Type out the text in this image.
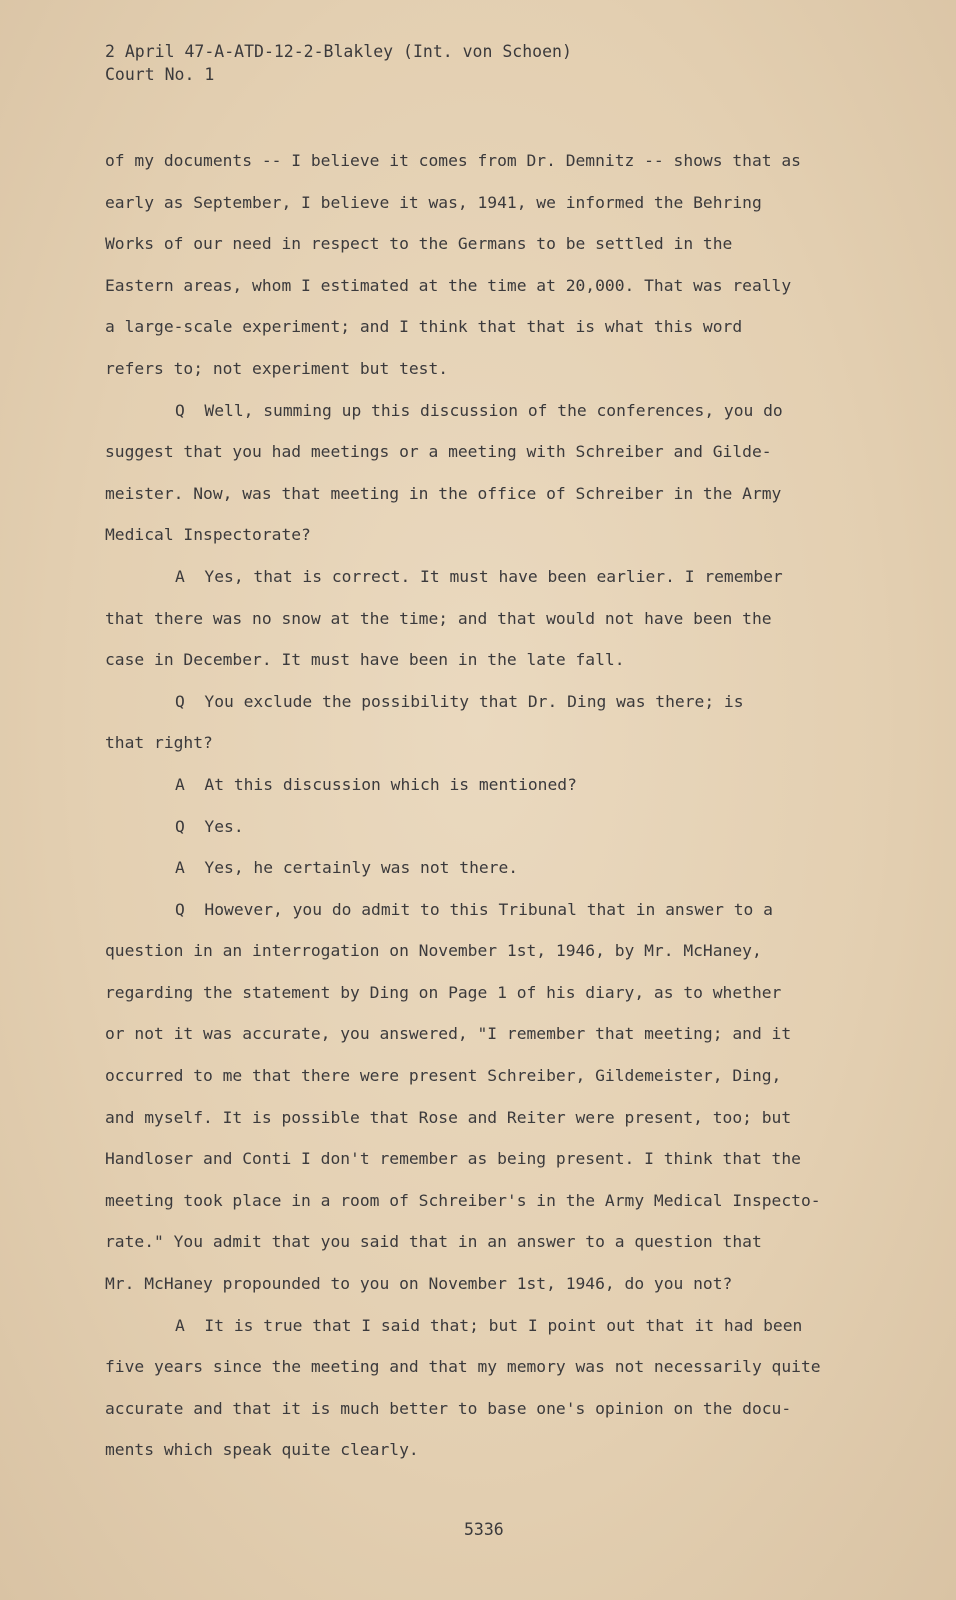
2 April 47-A-ATD-12-2-Blakley (Int. von Schoen)
Court No. 1
of my documents -- I believe it comes from Dr. Demnitz -- shows that as
early as September, I believe it was, 1941, we informed the Behring
Works of our need in respect to the Germans to be settled in the
Eastern areas, whom I estimated at the time at 20,000. That was really
a large-scale experiment; and I think that that is what this word
refers to; not experiment but test.
Q  Well, summing up this discussion of the conferences, you do
suggest that you had meetings or a meeting with Schreiber and Gilde-
meister. Now, was that meeting in the office of Schreiber in the Army
Medical Inspectorate?
A  Yes, that is correct. It must have been earlier. I remember
that there was no snow at the time; and that would not have been the
case in December. It must have been in the late fall.
Q  You exclude the possibility that Dr. Ding was there; is
that right?
A  At this discussion which is mentioned?
Q  Yes.
A  Yes, he certainly was not there.
Q  However, you do admit to this Tribunal that in answer to a
question in an interrogation on November 1st, 1946, by Mr. McHaney,
regarding the statement by Ding on Page 1 of his diary, as to whether
or not it was accurate, you answered, "I remember that meeting; and it
occurred to me that there were present Schreiber, Gildemeister, Ding,
and myself. It is possible that Rose and Reiter were present, too; but
Handloser and Conti I don't remember as being present. I think that the
meeting took place in a room of Schreiber's in the Army Medical Inspecto-
rate." You admit that you said that in an answer to a question that
Mr. McHaney propounded to you on November 1st, 1946, do you not?
A  It is true that I said that; but I point out that it had been
five years since the meeting and that my memory was not necessarily quite
accurate and that it is much better to base one's opinion on the docu-
ments which speak quite clearly.
5336
